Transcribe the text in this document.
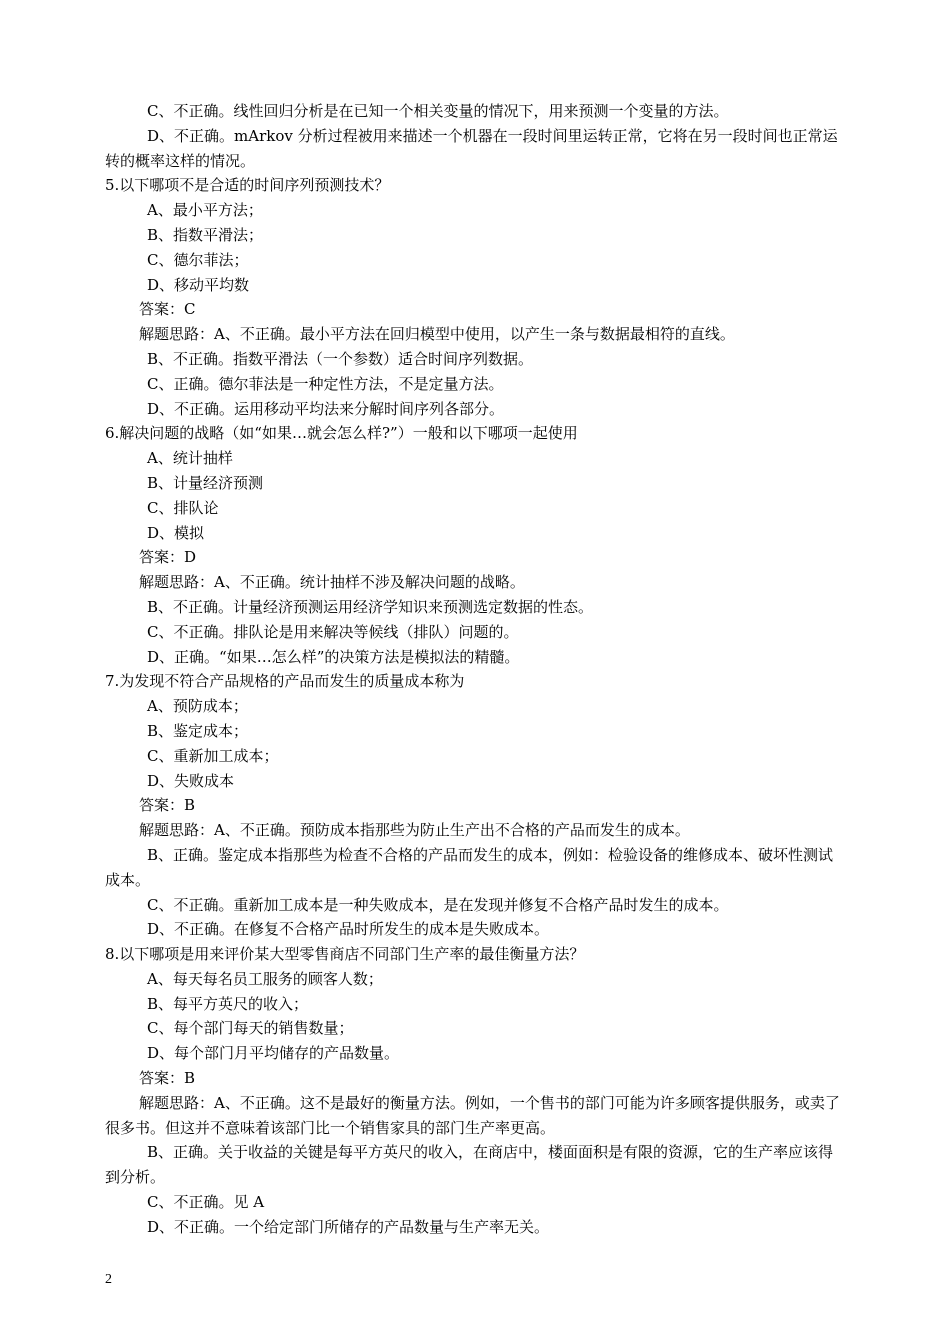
C、不正确。线性回归分析是在已知一个相关变量的情况下，用来预测一个变量的方法。
D、不正确。mArkov 分析过程被用来描述一个机器在一段时间里运转正常，它将在另一段时间也正常运转的概率这样的情况。
5.以下哪项不是合适的时间序列预测技术？
A、最小平方法；
B、指数平滑法；
C、德尔菲法；
D、移动平均数
答案：C
解题思路：A、不正确。最小平方法在回归模型中使用，以产生一条与数据最相符的直线。
B、不正确。指数平滑法（一个参数）适合时间序列数据。
C、正确。德尔菲法是一种定性方法，不是定量方法。
D、不正确。运用移动平均法来分解时间序列各部分。
6.解决问题的战略（如“如果…就会怎么样?”）一般和以下哪项一起使用
A、统计抽样
B、计量经济预测
C、排队论
D、模拟
答案：D
解题思路：A、不正确。统计抽样不涉及解决问题的战略。
B、不正确。计量经济预测运用经济学知识来预测选定数据的性态。
C、不正确。排队论是用来解决等候线（排队）问题的。
D、正确。“如果…怎么样”的决策方法是模拟法的精髓。
7.为发现不符合产品规格的产品而发生的质量成本称为
A、预防成本；
B、鉴定成本；
C、重新加工成本；
D、失败成本
答案：B
解题思路：A、不正确。预防成本指那些为防止生产出不合格的产品而发生的成本。
B、正确。鉴定成本指那些为检查不合格的产品而发生的成本，例如：检验设备的维修成本、破坏性测试成本。
C、不正确。重新加工成本是一种失败成本，是在发现并修复不合格产品时发生的成本。
D、不正确。在修复不合格产品时所发生的成本是失败成本。
8.以下哪项是用来评价某大型零售商店不同部门生产率的最佳衡量方法？
A、每天每名员工服务的顾客人数；
B、每平方英尺的收入；
C、每个部门每天的销售数量；
D、每个部门月平均储存的产品数量。
答案：B
解题思路：A、不正确。这不是最好的衡量方法。例如，一个售书的部门可能为许多顾客提供服务，或卖了很多书。但这并不意味着该部门比一个销售家具的部门生产率更高。
B、正确。关于收益的关键是每平方英尺的收入，在商店中，楼面面积是有限的资源，它的生产率应该得到分析。
C、不正确。见 A
D、不正确。一个给定部门所储存的产品数量与生产率无关。
2
